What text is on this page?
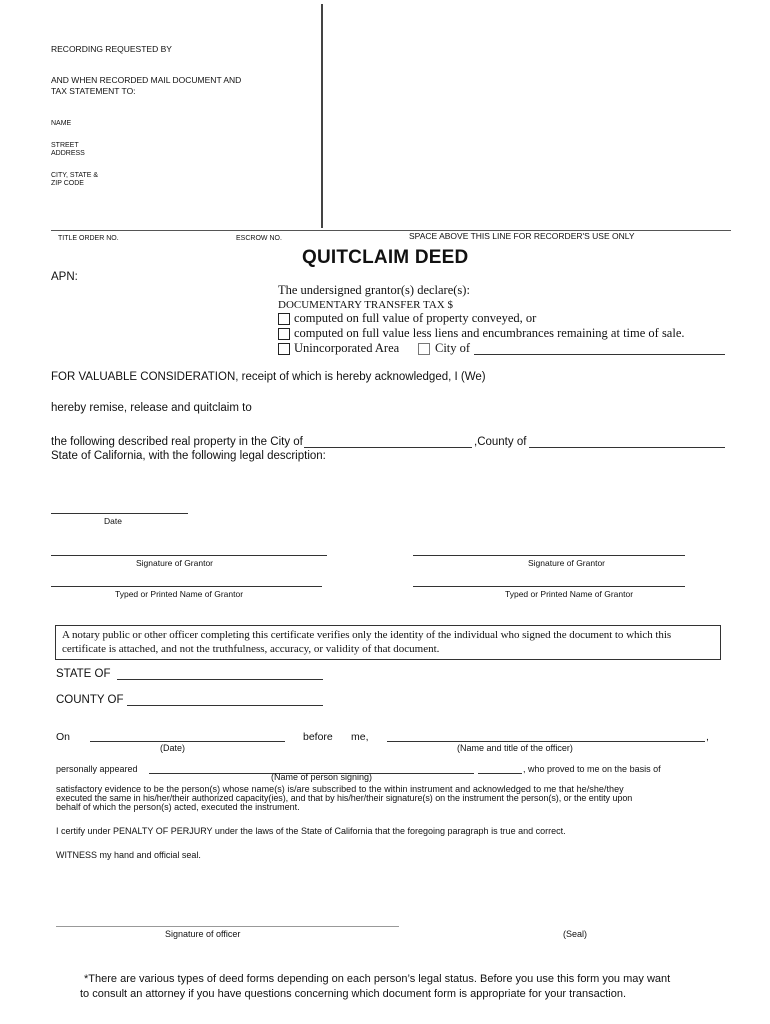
RECORDING REQUESTED BY
AND WHEN RECORDED MAIL DOCUMENT AND
TAX STATEMENT TO:
NAME
STREET
ADDRESS
CITY, STATE &
ZIP CODE
TITLE ORDER NO.	ESCROW NO.	SPACE ABOVE THIS LINE FOR RECORDER'S USE ONLY
QUITCLAIM DEED
APN:
The undersigned grantor(s) declare(s):
DOCUMENTARY TRANSFER TAX $
computed on full value of property conveyed, or
computed on full value less liens and encumbrances remaining at time of sale.
Unincorporated Area	City of
FOR VALUABLE CONSIDERATION, receipt of which is hereby acknowledged, I (We)
hereby remise, release and quitclaim to
the following described real property in the City of	,County of
State of California, with the following legal description:
Date
Signature of Grantor	Signature of Grantor
Typed or Printed Name of Grantor	Typed or Printed Name of Grantor
A notary public or other officer completing this certificate verifies only the identity of the individual who signed the document to which this
certificate is attached, and not the truthfulness, accuracy, or validity of that document.
STATE OF
COUNTY OF
On	before me,	,
(Date)	(Name and title of the officer)
personally appeared	, who proved to me on the basis of
(Name of person signing)
satisfactory evidence to be the person(s) whose name(s) is/are subscribed to the within instrument and acknowledged to me that he/she/they
executed the same in his/her/their authorized capacity(ies), and that by his/her/their signature(s) on the instrument the person(s), or the entity upon
behalf of which the person(s) acted, executed the instrument.
I certify under PENALTY OF PERJURY under the laws of the State of California that the foregoing paragraph is true and correct.
WITNESS my hand and official seal.
Signature of officer	(Seal)
*There are various types of deed forms depending on each person’s legal status. Before you use this form you may want
to consult an attorney if you have questions concerning which document form is appropriate for your transaction.
